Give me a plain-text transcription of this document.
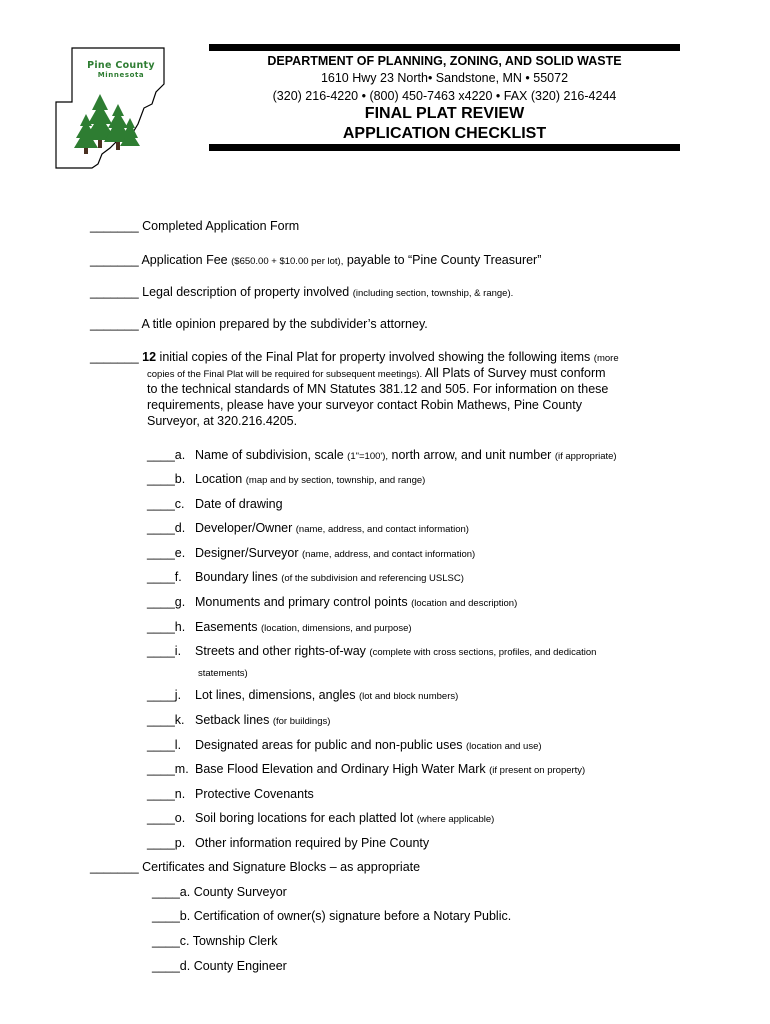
Pine County
Minnesota
DEPARTMENT OF PLANNING, ZONING, AND SOLID WASTE
1610 Hwy 23 North• Sandstone, MN • 55072
(320) 216-4220 • (800) 450-7463 x4220 • FAX (320) 216-4244
FINAL PLAT REVIEW
APPLICATION CHECKLIST
_______ Completed Application Form
_______ Application Fee ($650.00 + $10.00 per lot), payable to “Pine County Treasurer”
_______ Legal description of property involved (including section, township, & range).
_______ A title opinion prepared by the subdivider’s attorney.
_______ 12 initial copies of the Final Plat for property involved showing the following items (more
copies of the Final Plat will be required for subsequent meetings). All Plats of Survey must conform
to the technical standards of MN Statutes 381.12 and 505. For information on these
requirements, please have your surveyor contact Robin Mathews, Pine County
Surveyor, at 320.216.4205.
____a. Name of subdivision, scale (1"=100'), north arrow, and unit number (if appropriate)
____b. Location (map and by section, township, and range)
____c. Date of drawing
____d. Developer/Owner (name, address, and contact information)
____e. Designer/Surveyor (name, address, and contact information)
____f. Boundary lines (of the subdivision and referencing USLSC)
____g. Monuments and primary control points (location and description)
____h. Easements (location, dimensions, and purpose)
____i. Streets and other rights-of-way (complete with cross sections, profiles, and dedication
statements)
____j. Lot lines, dimensions, angles (lot and block numbers)
____k. Setback lines (for buildings)
____l. Designated areas for public and non-public uses (location and use)
____m. Base Flood Elevation and Ordinary High Water Mark (if present on property)
____n. Protective Covenants
____o. Soil boring locations for each platted lot (where applicable)
____p. Other information required by Pine County
_______ Certificates and Signature Blocks – as appropriate
____a. County Surveyor
____b. Certification of owner(s) signature before a Notary Public.
____c. Township Clerk
____d. County Engineer
